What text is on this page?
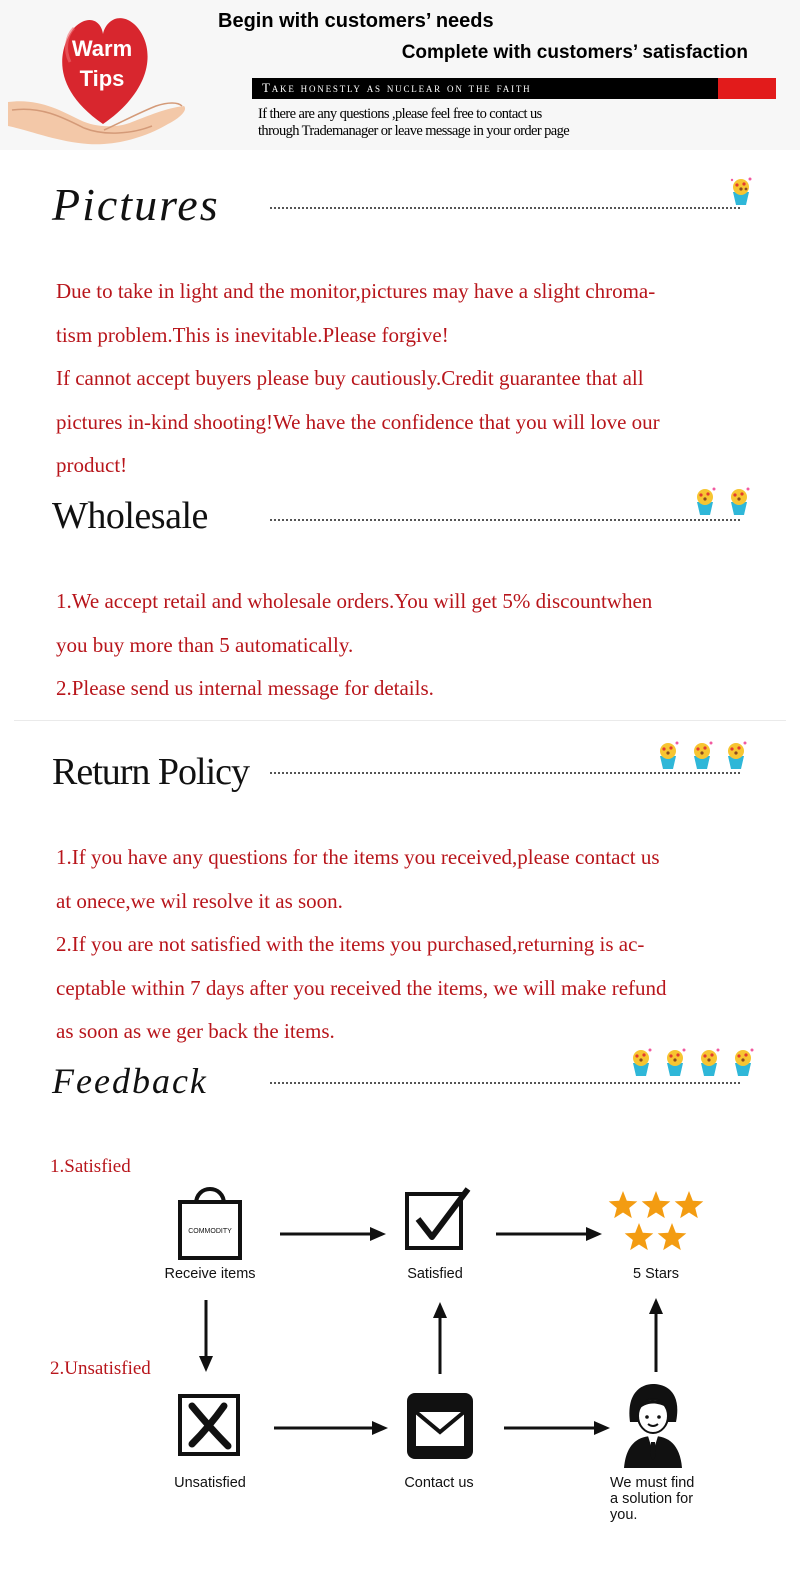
Warm
Tips
Begin with customers’ needs
Complete with customers’ satisfaction
Take honestly as nuclear on the faith
If there are any questions ,please feel free to contact us
through Trademanager or leave message in your order page
Pictures

Due to take in light and the monitor,pictures may have a slight chroma-

tism problem.This is inevitable.Please forgive!

If cannot accept buyers please buy cautiously.Credit guarantee that all

pictures in-kind shooting!We have the confidence that you will love our

product!

Wholesale

1.We accept retail and wholesale orders.You will get 5% discountwhen

you buy more than 5 automatically.

2.Please send us internal message for details.

Return Policy

1.If you have any questions for the items you received,please contact us

at onece,we wil resolve it as soon.

2.If you are not satisfied with the items you purchased,returning is ac-

ceptable within 7 days after you received the items, we will make refund

as soon as we ger back the items.

Feedback
1.Satisfied
2.Unsatisfied
COMMODITY
Receive items	Satisfied	5 Stars
Unsatisfied	Contact us	We must find
a solution for
you.
